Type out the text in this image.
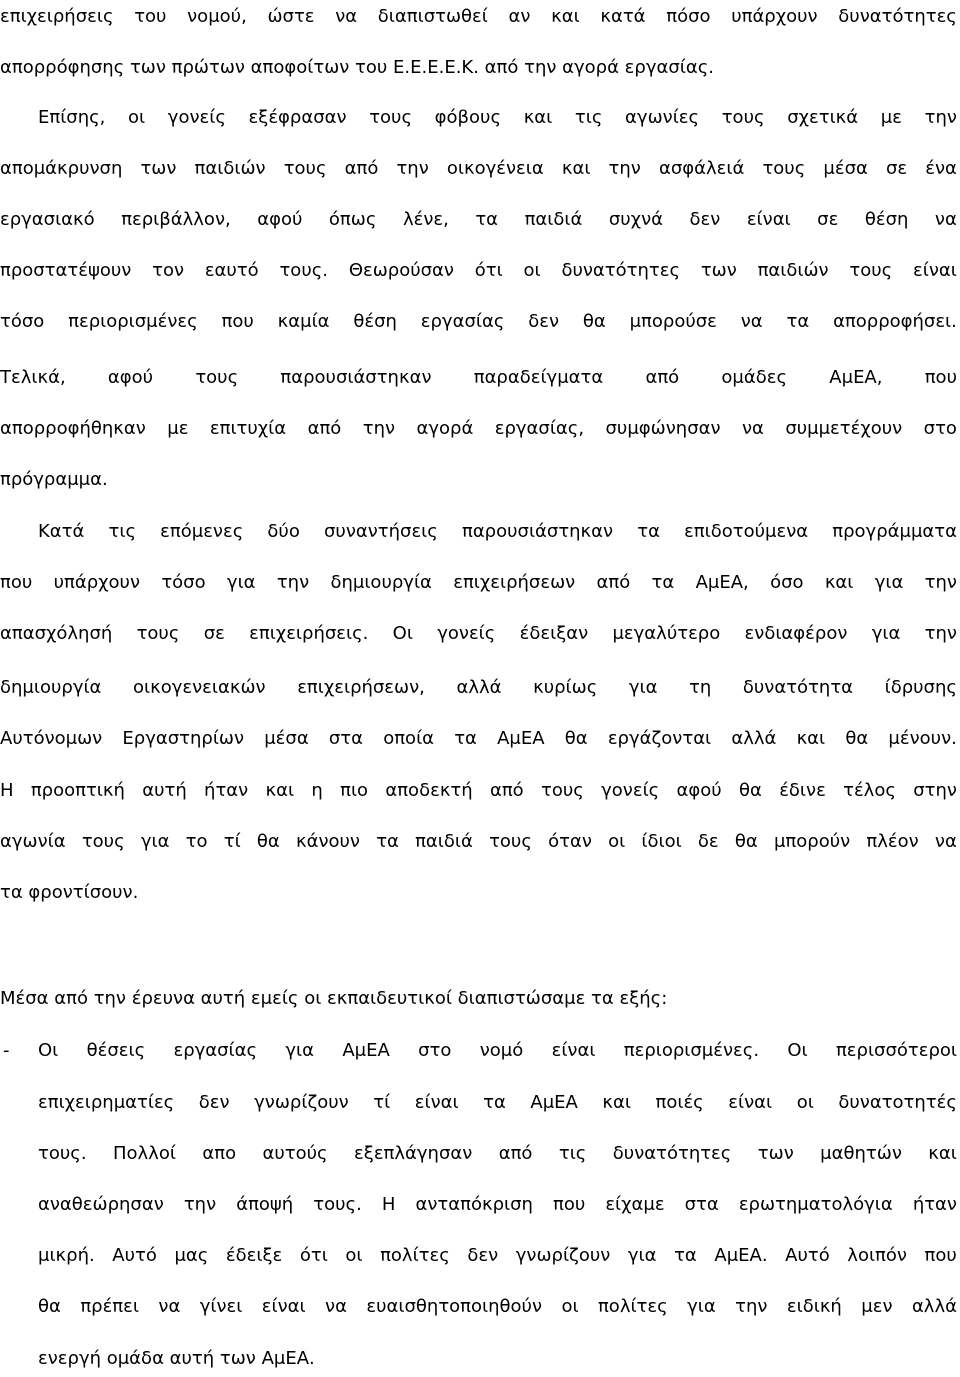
επιχειρήσεις του νομού, ώστε να διαπιστωθεί αν και κατά πόσο υπάρχουν δυνατότητες
απορρόφησης των πρώτων αποφοίτων του Ε.Ε.Ε.Ε.Κ. από την αγορά εργασίας.
Επίσης, οι γονείς εξέφρασαν τους φόβους και τις αγωνίες τους σχετικά με την
απομάκρυνση των παιδιών τους από την οικογένεια και την ασφάλειά τους μέσα σε ένα
εργασιακό περιβάλλον, αφού όπως λένε, τα παιδιά συχνά δεν είναι σε θέση να
προστατέψουν τον εαυτό τους. Θεωρούσαν ότι οι δυνατότητες των παιδιών τους είναι
τόσο περιορισμένες που καμία θέση εργασίας δεν θα μπορούσε να τα απορροφήσει.
Τελικά, αφού τους παρουσιάστηκαν παραδείγματα από ομάδες ΑμΕΑ, που
απορροφήθηκαν με επιτυχία από την αγορά εργασίας, συμφώνησαν να συμμετέχουν στο
πρόγραμμα.
Κατά τις επόμενες δύο συναντήσεις παρουσιάστηκαν τα επιδοτούμενα προγράμματα
που υπάρχουν τόσο για την δημιουργία επιχειρήσεων από τα ΑμΕΑ, όσο και για την
απασχόλησή τους σε επιχειρήσεις. Οι γονείς έδειξαν μεγαλύτερο ενδιαφέρον για την
δημιουργία οικογενειακών επιχειρήσεων, αλλά κυρίως για τη δυνατότητα ίδρυσης
Αυτόνομων Εργαστηρίων μέσα στα οποία τα ΑμΕΑ θα εργάζονται αλλά και θα μένουν.
Η προοπτική αυτή ήταν και η πιο αποδεκτή από τους γονείς αφού θα έδινε τέλος στην
αγωνία τους για το τί θα κάνουν τα παιδιά τους όταν οι ίδιοι δε θα μπορούν πλέον να
τα φροντίσουν.
Μέσα από την έρευνα αυτή εμείς οι εκπαιδευτικοί διαπιστώσαμε τα εξής:
- Οι θέσεις εργασίας για ΑμΕΑ στο νομό είναι περιορισμένες. Οι περισσότεροι
επιχειρηματίες δεν γνωρίζουν τί είναι τα ΑμΕΑ και ποιές είναι οι δυνατοτητές
τους. Πολλοί απο αυτούς εξεπλάγησαν από τις δυνατότητες των μαθητών και
αναθεώρησαν την άποψή τους. Η ανταπόκριση που είχαμε στα ερωτηματολόγια ήταν
μικρή. Αυτό μας έδειξε ότι οι πολίτες δεν γνωρίζουν για τα ΑμΕΑ. Αυτό λοιπόν που
θα πρέπει να γίνει είναι να ευαισθητοποιηθούν οι πολίτες για την ειδική μεν αλλά
ενεργή ομάδα αυτή των ΑμΕΑ.
